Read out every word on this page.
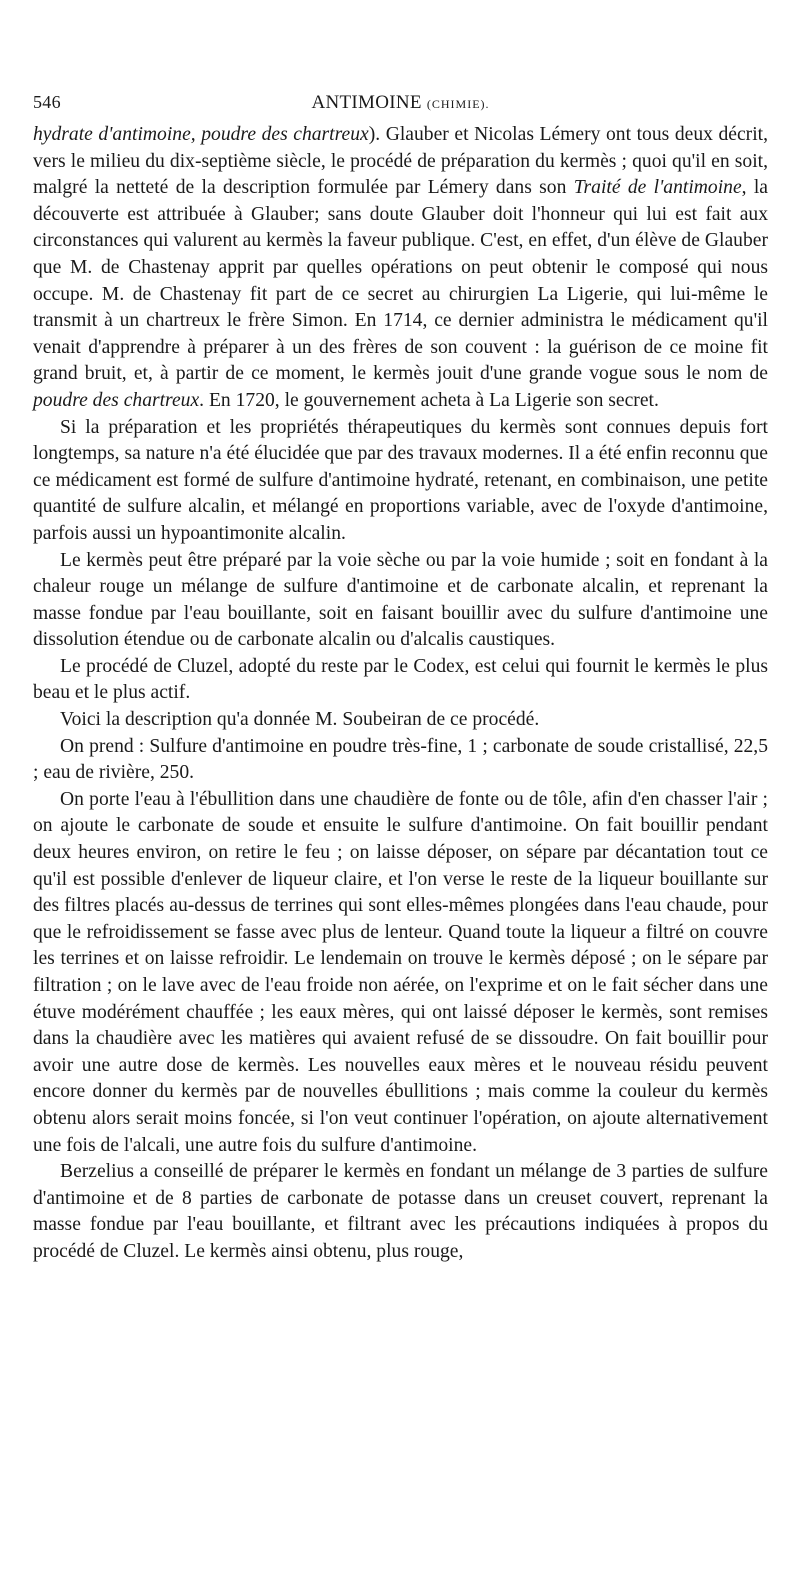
546	ANTIMOINE (CHIMIE).

hydrate d'antimoine, poudre des chartreux). Glauber et Nicolas Lémery ont tous deux décrit, vers le milieu du dix-septième siècle, le procédé de préparation du kermès ; quoi qu'il en soit, malgré la netteté de la description formulée par Lémery dans son Traité de l'antimoine, la découverte est attribuée à Glauber; sans doute Glauber doit l'honneur qui lui est fait aux circonstances qui valurent au kermès la faveur publique. C'est, en effet, d'un élève de Glauber que M. de Chastenay apprit par quelles opérations on peut obtenir le composé qui nous occupe. M. de Chastenay fit part de ce secret au chirurgien La Ligerie, qui lui-même le transmit à un chartreux le frère Simon. En 1714, ce dernier administra le médicament qu'il venait d'apprendre à préparer à un des frères de son couvent : la guérison de ce moine fit grand bruit, et, à partir de ce moment, le kermès jouit d'une grande vogue sous le nom de poudre des chartreux. En 1720, le gouvernement acheta à La Ligerie son secret.

Si la préparation et les propriétés thérapeutiques du kermès sont connues depuis fort longtemps, sa nature n'a été élucidée que par des travaux modernes. Il a été enfin reconnu que ce médicament est formé de sulfure d'antimoine hydraté, retenant, en combinaison, une petite quantité de sulfure alcalin, et mélangé en proportions variable, avec de l'oxyde d'antimoine, parfois aussi un hypoantimonite alcalin.

Le kermès peut être préparé par la voie sèche ou par la voie humide ; soit en fondant à la chaleur rouge un mélange de sulfure d'antimoine et de carbonate alcalin, et reprenant la masse fondue par l'eau bouillante, soit en faisant bouillir avec du sulfure d'antimoine une dissolution étendue ou de carbonate alcalin ou d'alcalis caustiques.

Le procédé de Cluzel, adopté du reste par le Codex, est celui qui fournit le kermès le plus beau et le plus actif.

Voici la description qu'a donnée M. Soubeiran de ce procédé.

On prend : Sulfure d'antimoine en poudre très-fine, 1 ; carbonate de soude cristallisé, 22,5 ; eau de rivière, 250.

On porte l'eau à l'ébullition dans une chaudière de fonte ou de tôle, afin d'en chasser l'air ; on ajoute le carbonate de soude et ensuite le sulfure d'antimoine. On fait bouillir pendant deux heures environ, on retire le feu ; on laisse déposer, on sépare par décantation tout ce qu'il est possible d'enlever de liqueur claire, et l'on verse le reste de la liqueur bouillante sur des filtres placés au-dessus de terrines qui sont elles-mêmes plongées dans l'eau chaude, pour que le refroidissement se fasse avec plus de lenteur. Quand toute la liqueur a filtré on couvre les terrines et on laisse refroidir. Le lendemain on trouve le kermès déposé ; on le sépare par filtration ; on le lave avec de l'eau froide non aérée, on l'exprime et on le fait sécher dans une étuve modérément chauffée ; les eaux mères, qui ont laissé déposer le kermès, sont remises dans la chaudière avec les matières qui avaient refusé de se dissoudre. On fait bouillir pour avoir une autre dose de kermès. Les nouvelles eaux mères et le nouveau résidu peuvent encore donner du kermès par de nouvelles ébullitions ; mais comme la couleur du kermès obtenu alors serait moins foncée, si l'on veut continuer l'opération, on ajoute alternativement une fois de l'alcali, une autre fois du sulfure d'antimoine.

Berzelius a conseillé de préparer le kermès en fondant un mélange de 3 parties de sulfure d'antimoine et de 8 parties de carbonate de potasse dans un creuset couvert, reprenant la masse fondue par l'eau bouillante, et filtrant avec les précautions indiquées à propos du procédé de Cluzel. Le kermès ainsi obtenu, plus rouge,
